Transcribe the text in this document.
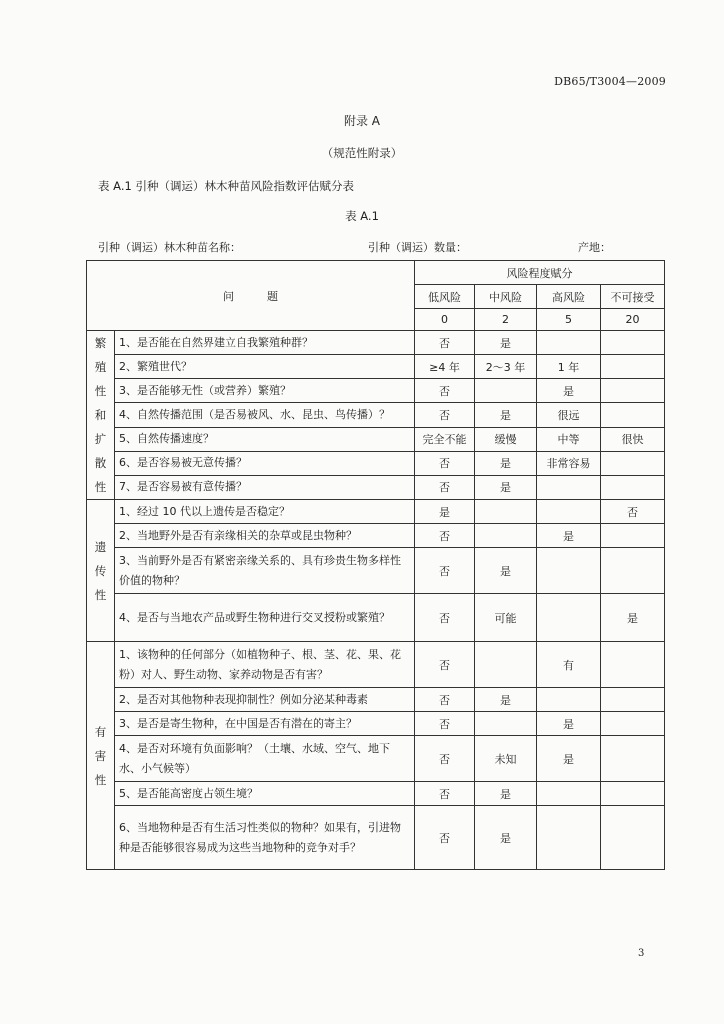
DB65/T3004—2009
附录 A
（规范性附录）
表 A.1 引种（调运）林木种苗风险指数评估赋分表
表 A.1
引种（调运）林木种苗名称：	引种（调运）数量：	产地：
问　　　题		风险程度赋分			
		低风险	中风险	高风险	不可接受
		0	2	5	20
繁殖性和扩散性	1、是否能在自然界建立自我繁殖种群？	否	是		
	2、繁殖世代？	≥4 年	2～3 年	1 年	
	3、是否能够无性（或营养）繁殖？	否		是	
	4、自然传播范围（是否易被风、水、昆虫、鸟传播）？	否	是	很远	
	5、自然传播速度？	完全不能	缓慢	中等	很快
	6、是否容易被无意传播？	否	是	非常容易	
	7、是否容易被有意传播？	否	是		
遗传性	1、经过 10 代以上遗传是否稳定？	是			否
	2、当地野外是否有亲缘相关的杂草或昆虫物种？	否		是	
	3、当前野外是否有紧密亲缘关系的、具有珍贵生物多样性价值的物种？	否	是		
	4、是否与当地农产品或野生物种进行交叉授粉或繁殖？	否	可能		是
有害性	1、该物种的任何部分（如植物种子、根、茎、花、果、花粉）对人、野生动物、家养动物是否有害？	否		有	
	2、是否对其他物种表现抑制性？例如分泌某种毒素	否	是		
	3、是否是寄生物种，在中国是否有潜在的寄主？	否		是	
	4、是否对环境有负面影响？（土壤、水域、空气、地下水、小气候等）	否	未知	是	
	5、是否能高密度占领生境？	否	是		
	6、当地物种是否有生活习性类似的物种？如果有，引进物种是否能够很容易成为这些当地物种的竞争对手？	否	是		

3
